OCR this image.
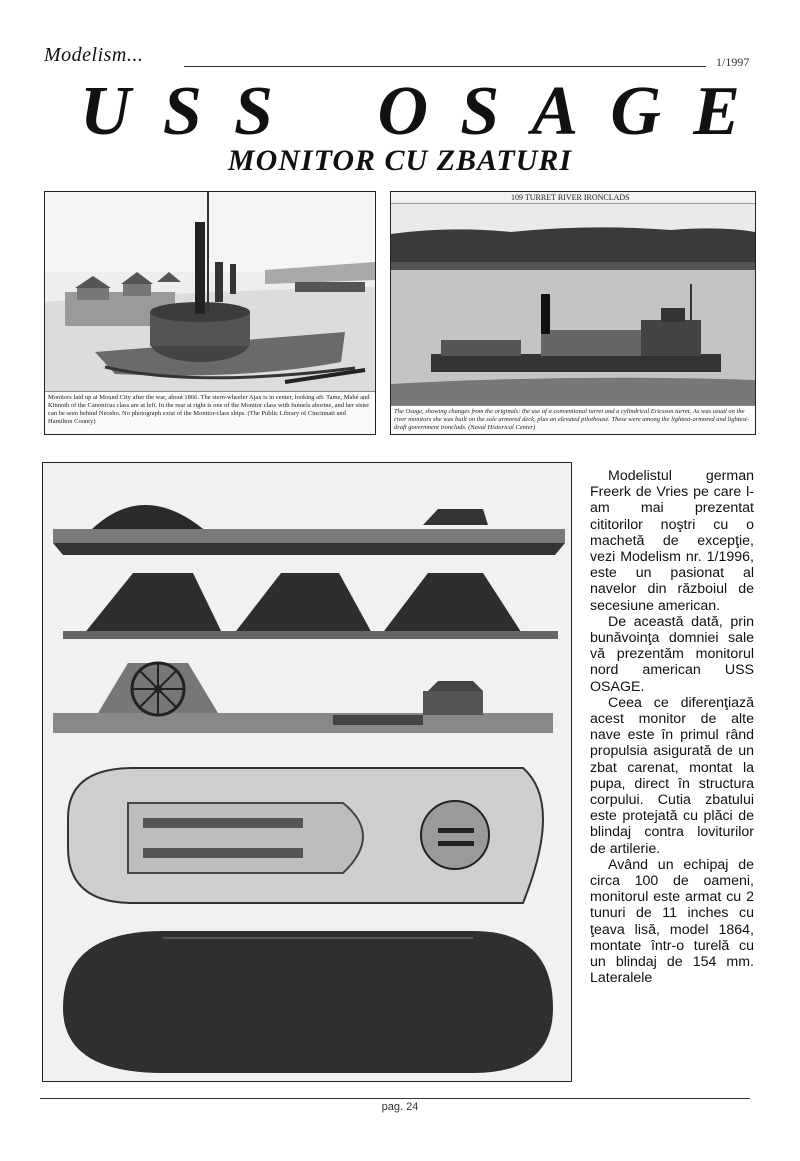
Modelism...	1/1997
U S S O S A G E
MONITOR CU ZBATURI
Monitors laid up at Mound City after the war, about 1866. The stern-wheeler Ajax is in center, looking aft. Tame, Mabé and Kinnoth of the Canonicus class are at left. In the rear at right is one of the Monitor class with funnels aborine, and her sister can be seen behind Neosho. No photograph exist of the Monitor-class ships. (The Public Library of Cincinnati and Hamilton County)
109 TURRET RIVER IRONCLADS
The Osage, showing changes from the originals: the use of a conventional turret and a cylindrical Ericsson turret. As was usual on the river monitors she was built on the sole armored deck, plus an elevated pilothouse. These were among the lightest-armored and lightest-draft government ironclads. (Naval Historical Center)

Modelistul german Freerk de Vries pe care l-am mai prezentat cititorilor noştri cu o machetă de excepţie, vezi Modelism nr. 1/1996, este un pasionat al navelor din războiul de secesiune american.

De această dată, prin bunăvoinţa domniei sale vă prezentăm monitorul nord american USS OSAGE.

Ceea ce diferenţiază acest monitor de alte nave este în primul rând propulsia asigurată de un zbat carenat, montat la pupa, direct în structura corpului. Cutia zbatului este protejată cu plăci de blindaj contra loviturilor de artilerie.

Având un echipaj de circa 100 de oameni, monitorul este armat cu 2 tunuri de 11 inches cu ţeava lisă, model 1864, montate într-o turelă cu un blindaj de 154 mm. Lateralele

pag. 24
